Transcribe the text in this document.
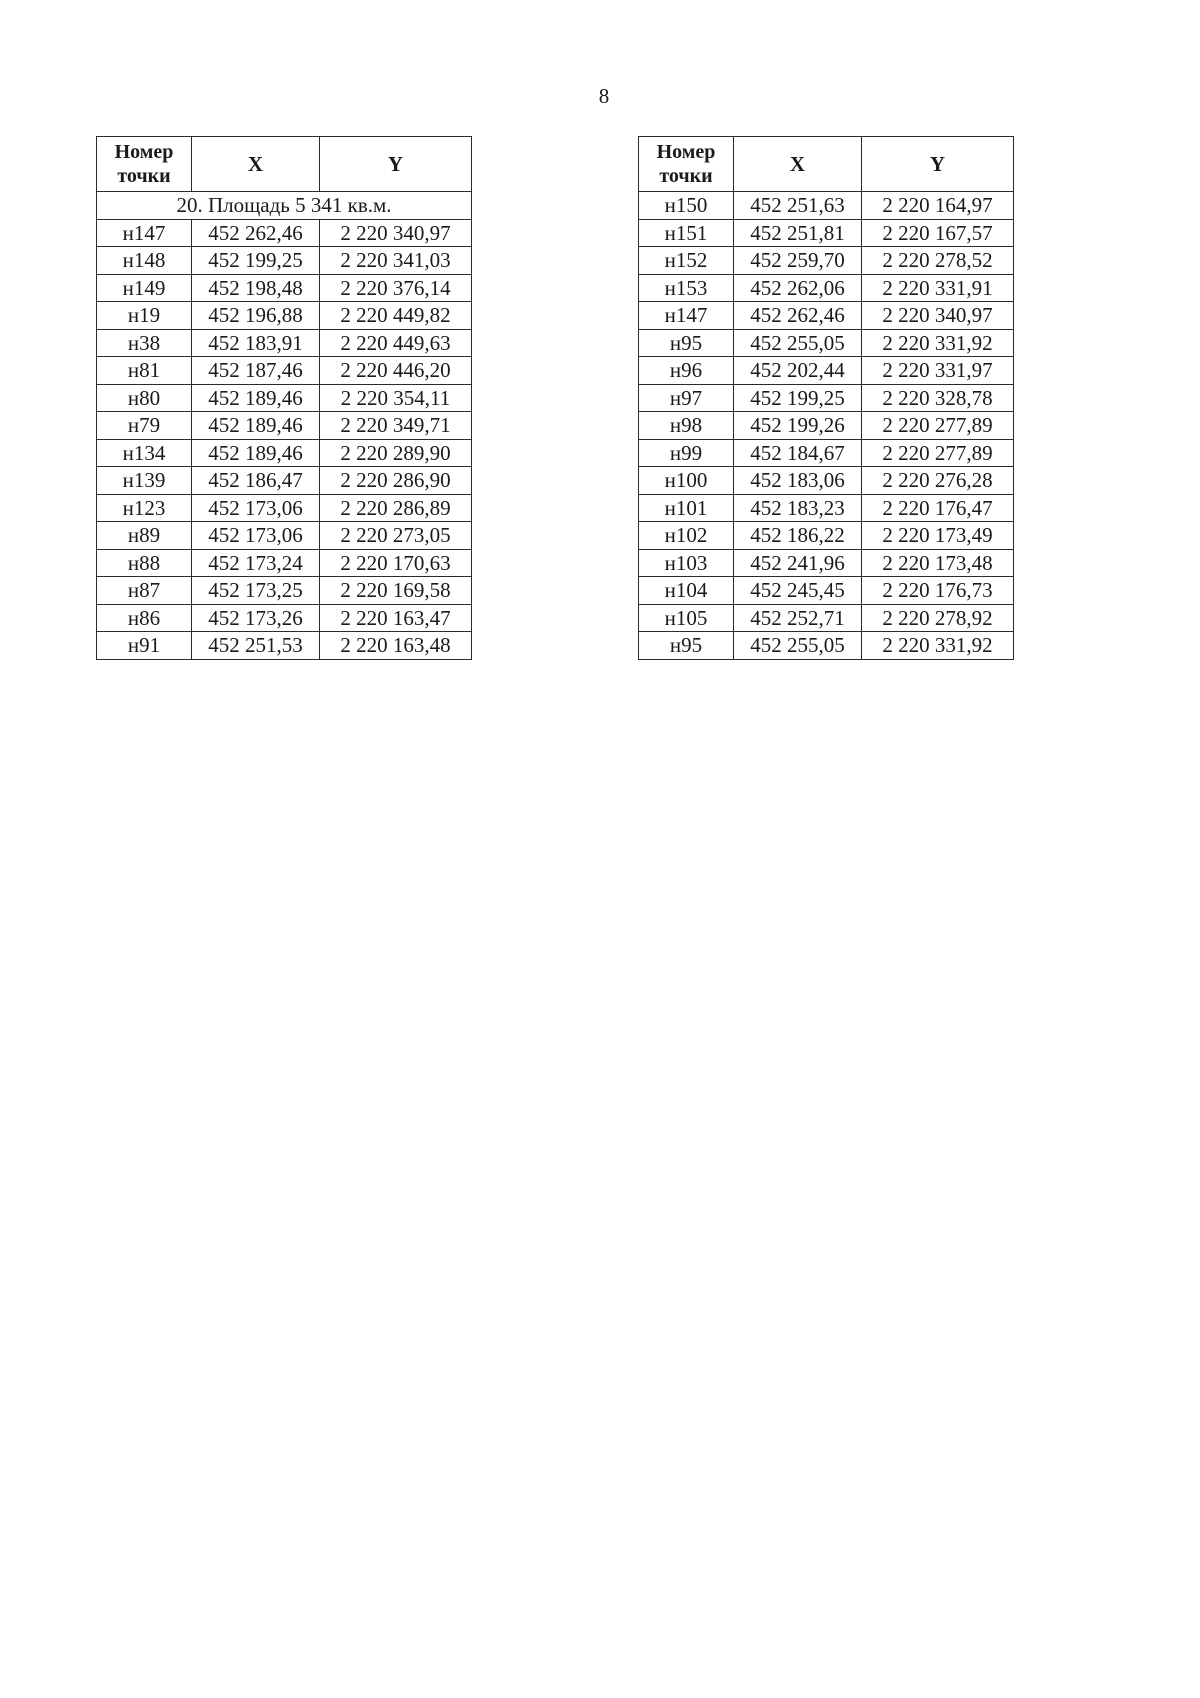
8
Номер
точки	X	Y
20. Площадь 5 341 кв.м.		
н147	452 262,46	2 220 340,97
н148	452 199,25	2 220 341,03
н149	452 198,48	2 220 376,14
н19	452 196,88	2 220 449,82
н38	452 183,91	2 220 449,63
н81	452 187,46	2 220 446,20
н80	452 189,46	2 220 354,11
н79	452 189,46	2 220 349,71
н134	452 189,46	2 220 289,90
н139	452 186,47	2 220 286,90
н123	452 173,06	2 220 286,89
н89	452 173,06	2 220 273,05
н88	452 173,24	2 220 170,63
н87	452 173,25	2 220 169,58
н86	452 173,26	2 220 163,47
н91	452 251,53	2 220 163,48
Номер
точки	X	Y
н150	452 251,63	2 220 164,97
н151	452 251,81	2 220 167,57
н152	452 259,70	2 220 278,52
н153	452 262,06	2 220 331,91
н147	452 262,46	2 220 340,97
н95	452 255,05	2 220 331,92
н96	452 202,44	2 220 331,97
н97	452 199,25	2 220 328,78
н98	452 199,26	2 220 277,89
н99	452 184,67	2 220 277,89
н100	452 183,06	2 220 276,28
н101	452 183,23	2 220 176,47
н102	452 186,22	2 220 173,49
н103	452 241,96	2 220 173,48
н104	452 245,45	2 220 176,73
н105	452 252,71	2 220 278,92
н95	452 255,05	2 220 331,92
